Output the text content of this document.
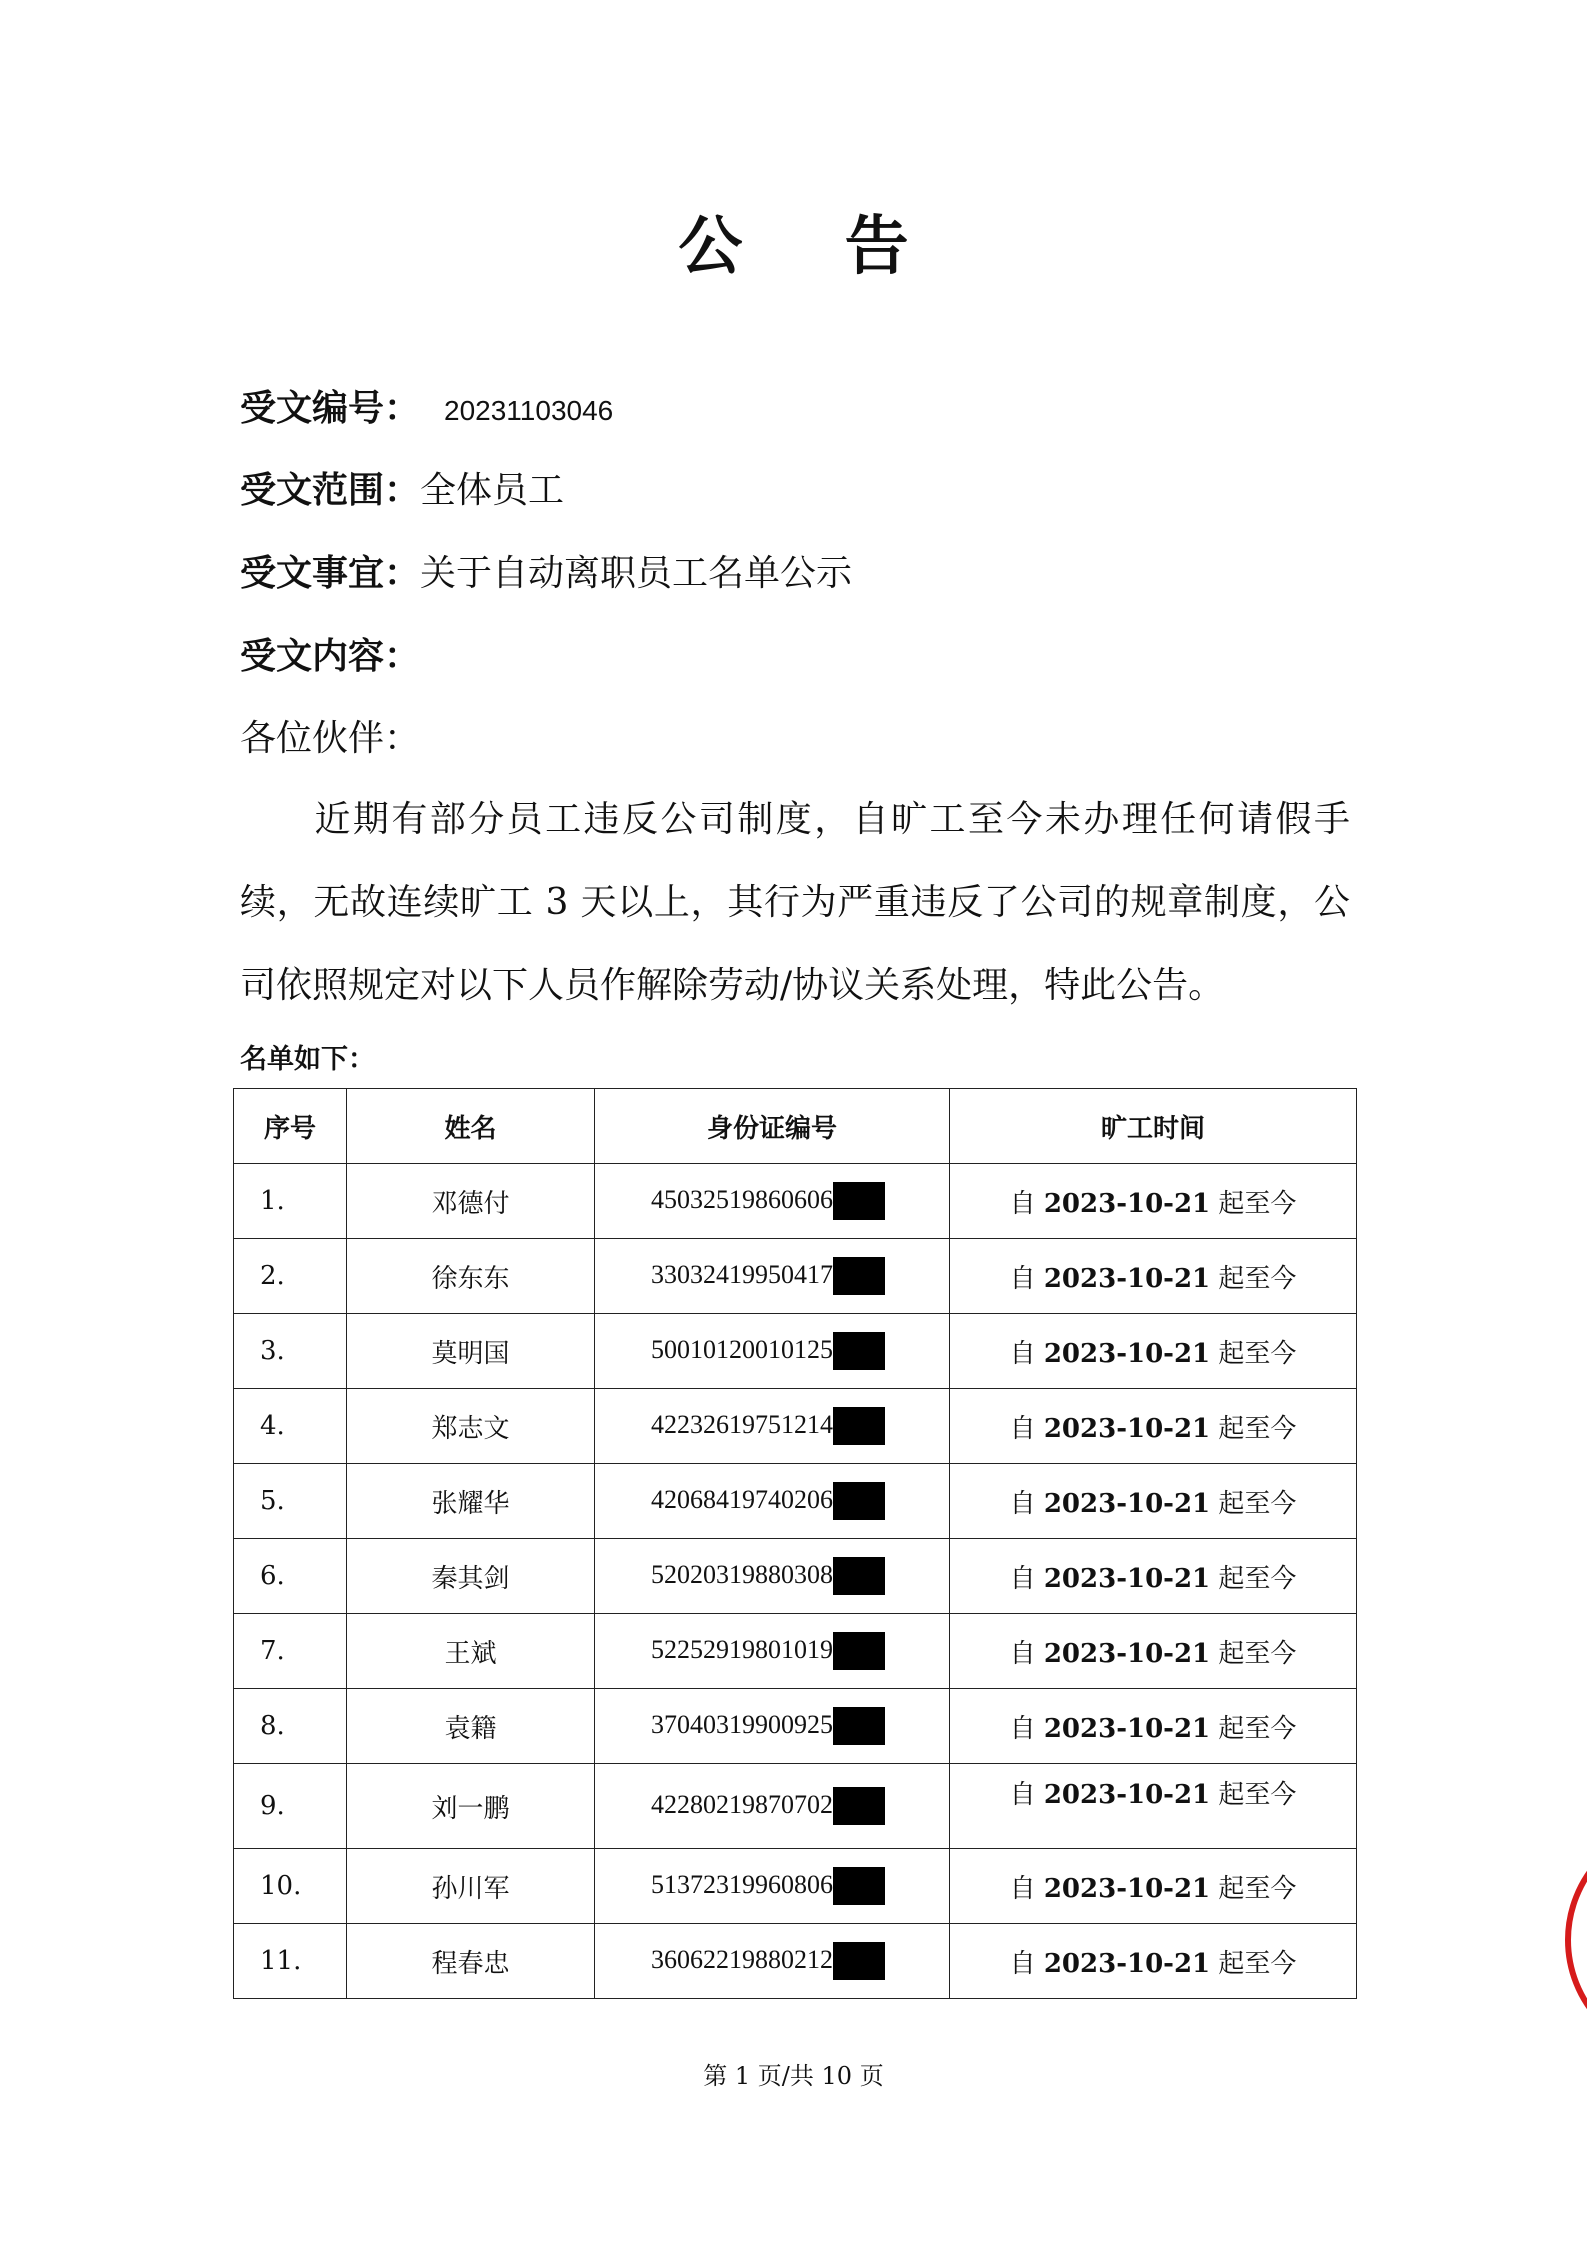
公 告
受文编号： 20231103046
受文范围：全体员工
受文事宜：关于自动离职员工名单公示
受文内容：
各位伙伴：
近期有部分员工违反公司制度，自旷工至今未办理任何请假手续，无故连续旷工 3 天以上，其行为严重违反了公司的规章制度，公司依照规定对以下人员作解除劳动/协议关系处理，特此公告。
名单如下：
序号	姓名	身份证编号	旷工时间
1.	邓德付	45032519860606	自 2023-10-21 起至今
2.	徐东东	33032419950417	自 2023-10-21 起至今
3.	莫明国	50010120010125	自 2023-10-21 起至今
4.	郑志文	42232619751214	自 2023-10-21 起至今
5.	张耀华	42068419740206	自 2023-10-21 起至今
6.	秦其剑	52020319880308	自 2023-10-21 起至今
7.	王斌	52252919801019	自 2023-10-21 起至今
8.	袁籍	37040319900925	自 2023-10-21 起至今
9.	刘一鹏	42280219870702	自 2023-10-21 起至今
10.	孙川军	51372319960806	自 2023-10-21 起至今
11.	程春忠	36062219880212	自 2023-10-21 起至今
第 1 页/共 10 页
